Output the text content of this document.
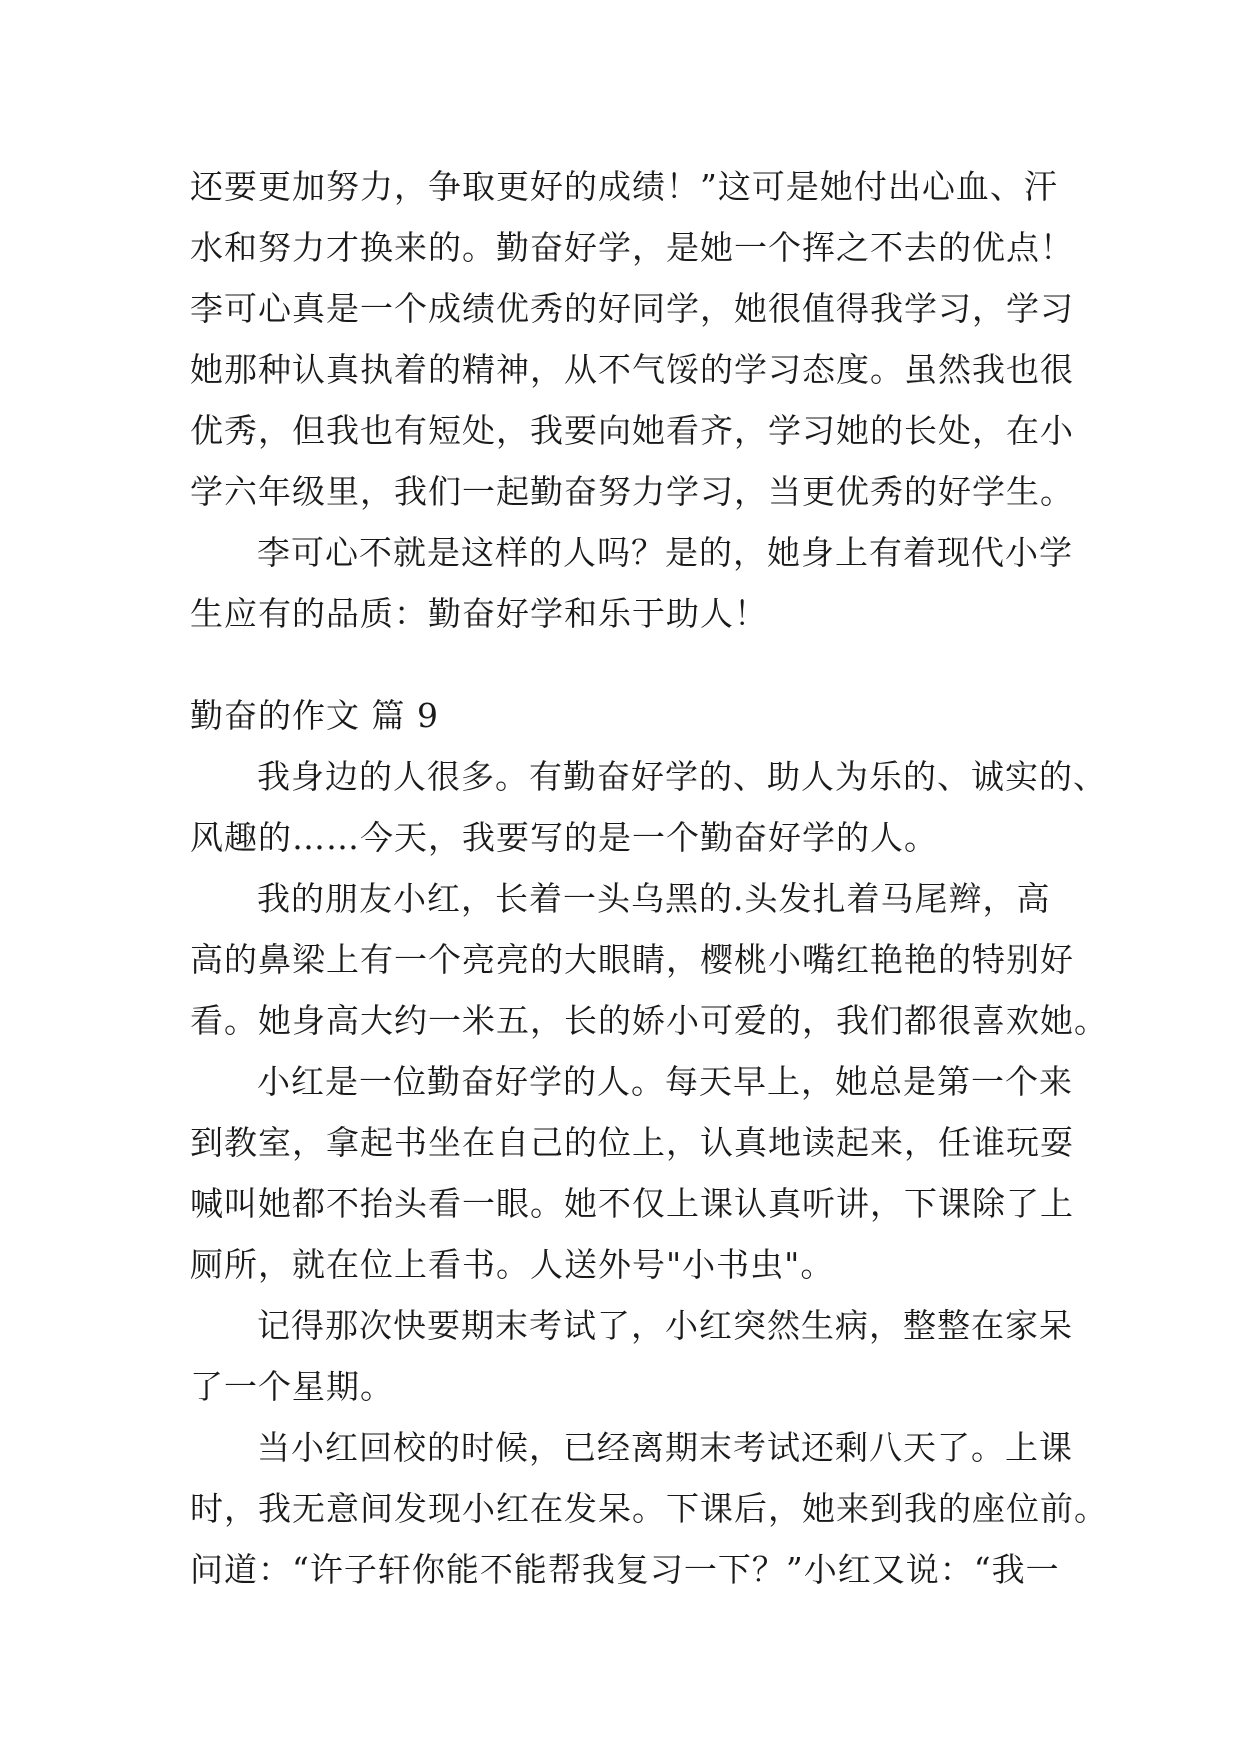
还要更加努力，争取更好的成绩！”这可是她付出心血、汗
水和努力才换来的。勤奋好学，是她一个挥之不去的优点！
李可心真是一个成绩优秀的好同学，她很值得我学习，学习
她那种认真执着的精神，从不气馁的学习态度。虽然我也很
优秀，但我也有短处，我要向她看齐，学习她的长处，在小
学六年级里，我们一起勤奋努力学习，当更优秀的好学生。
李可心不就是这样的人吗？是的，她身上有着现代小学
生应有的品质：勤奋好学和乐于助人！
勤奋的作文 篇 9
我身边的人很多。有勤奋好学的、助人为乐的、诚实的、
风趣的……今天，我要写的是一个勤奋好学的人。
我的朋友小红，长着一头乌黑的.头发扎着马尾辫，高
高的鼻梁上有一个亮亮的大眼睛，樱桃小嘴红艳艳的特别好
看。她身高大约一米五，长的娇小可爱的，我们都很喜欢她。
小红是一位勤奋好学的人。每天早上，她总是第一个来
到教室，拿起书坐在自己的位上，认真地读起来，任谁玩耍
喊叫她都不抬头看一眼。她不仅上课认真听讲，下课除了上
厕所，就在位上看书。人送外号"小书虫"。
记得那次快要期末考试了，小红突然生病，整整在家呆
了一个星期。
当小红回校的时候，已经离期末考试还剩八天了。上课
时，我无意间发现小红在发呆。下课后，她来到我的座位前。
问道：“许子轩你能不能帮我复习一下？”小红又说：“我一
